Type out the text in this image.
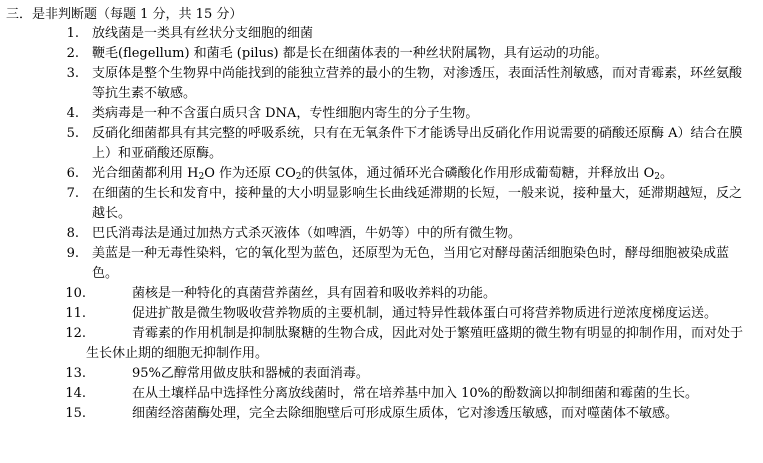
三．是非判断题（每题 1 分，共 15 分）
1.	放线菌是一类具有丝状分支细胞的细菌
2.	鞭毛(flegellum) 和菌毛 (pilus) 都是长在细菌体表的一种丝状附属物，具有运动的功能。
3.	支原体是整个生物界中尚能找到的能独立营养的最小的生物，对渗透压，表面活性剂敏感，而对青霉素，环丝氨酸等抗生素不敏感。
4.	类病毒是一种不含蛋白质只含 DNA，专性细胞内寄生的分子生物。
5.	反硝化细菌都具有其完整的呼吸系统，只有在无氧条件下才能诱导出反硝化作用说需要的硝酸还原酶 A）结合在膜上）和亚硝酸还原酶。
6.	光合细菌都利用 $H_2O$ 作为还原 $CO_2$的供氢体，通过循环光合磷酸化作用形成葡萄糖，并释放出 $O_2$。
7.	在细菌的生长和发育中，接种量的大小明显影响生长曲线延滞期的长短，一般来说，接种量大，延滞期越短，反之越长。
8.	巴氏消毒法是通过加热方式杀灭液体（如啤酒，牛奶等）中的所有微生物。
9.	美蓝是一种无毒性染料，它的氧化型为蓝色，还原型为无色，当用它对酵母菌活细胞染色时，酵母细胞被染成蓝色。
10.	菌核是一种特化的真菌营养菌丝，具有固着和吸收养料的功能。
11.	促进扩散是微生物吸收营养物质的主要机制，通过特异性载体蛋白可将营养物质进行逆浓度梯度运送。
12.	青霉素的作用机制是抑制肽聚糖的生物合成，因此对处于繁殖旺盛期的微生物有明显的抑制作用，而对处于生长休止期的细胞无抑制作用。
13.	95%乙醇常用做皮肤和器械的表面消毒。
14.	在从土壤样品中选择性分离放线菌时，常在培养基中加入 10%的酚数滴以抑制细菌和霉菌的生长。
15.	细菌经溶菌酶处理，完全去除细胞壁后可形成原生质体，它对渗透压敏感，而对噬菌体不敏感。
